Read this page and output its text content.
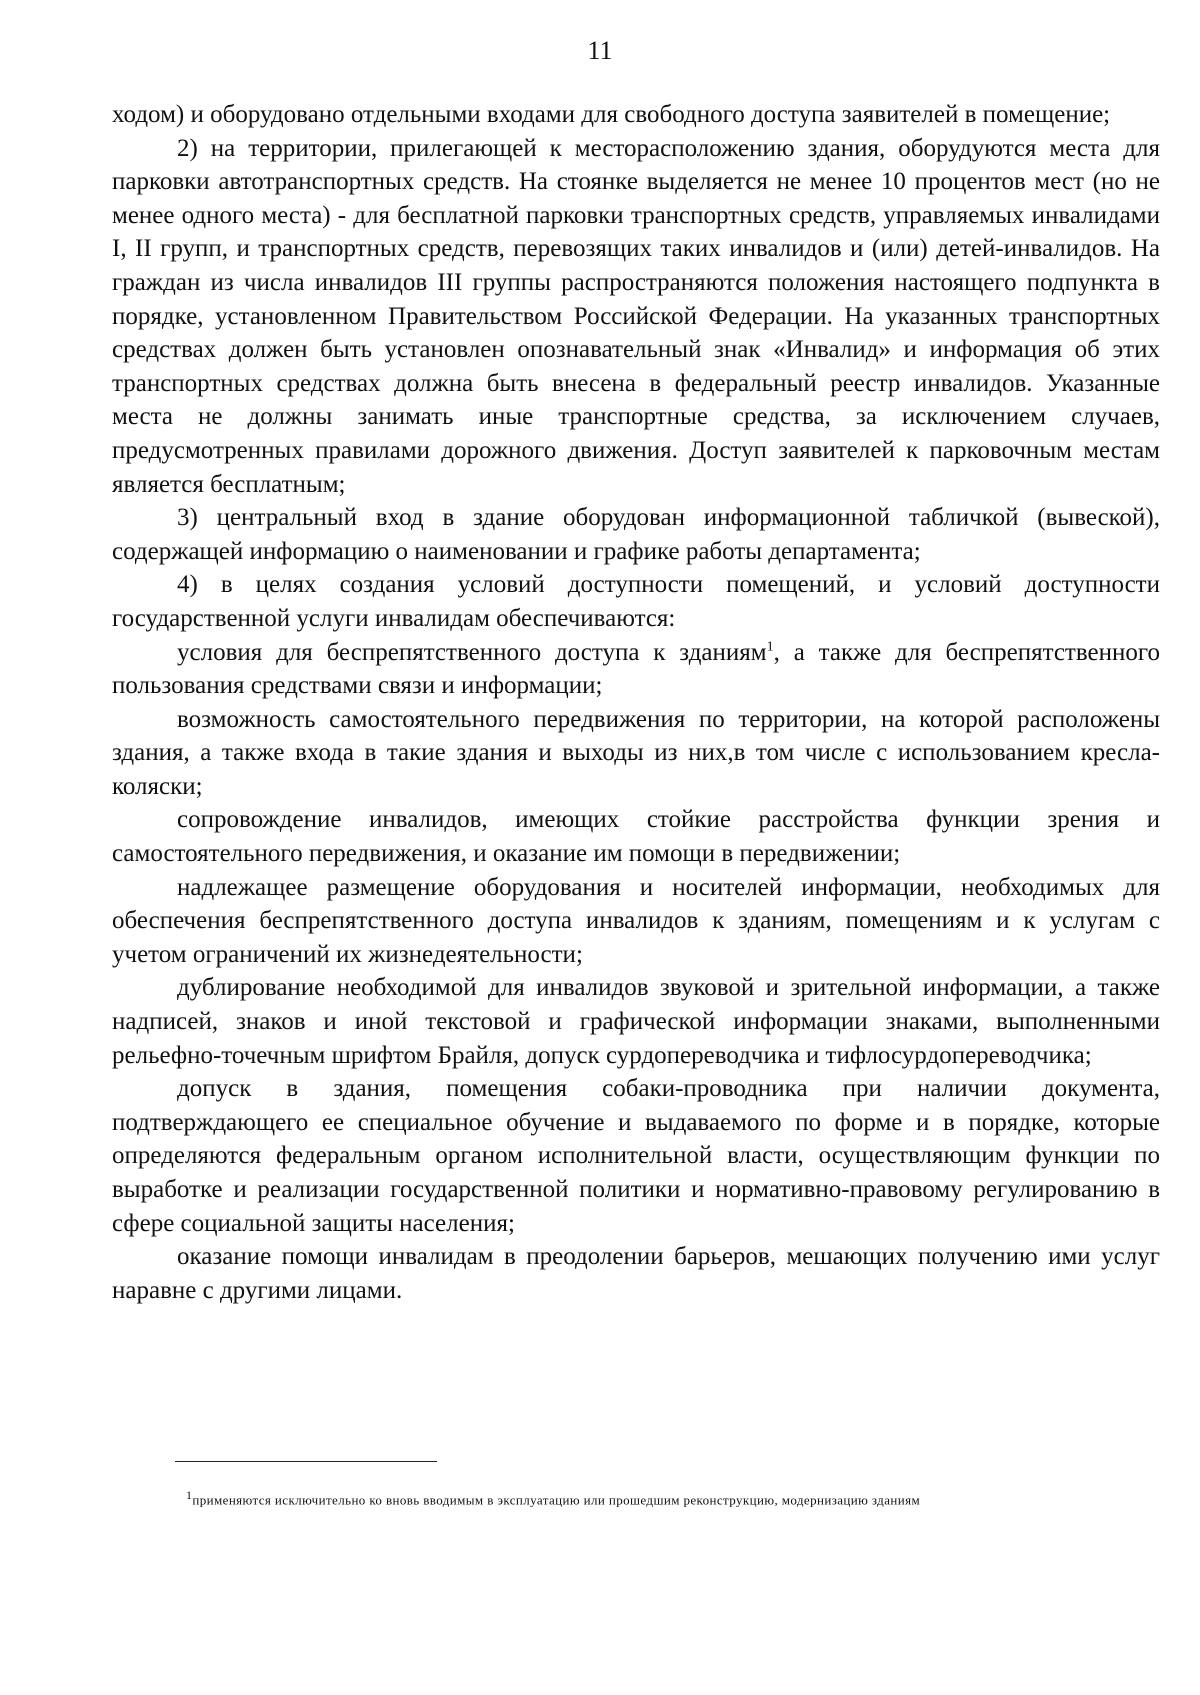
11

ходом) и оборудовано отдельными входами для свободного доступа заявителей в помещение;

2) на территории, прилегающей к месторасположению здания, оборудуются места для парковки автотранспортных средств. На стоянке выделяется не менее 10 процентов мест (но не менее одного места) - для бесплатной парковки транспортных средств, управляемых инвалидами I, II групп, и транспортных средств, перевозящих таких инвалидов и (или) детей-инвалидов. На граждан из числа инвалидов III группы распространяются положения настоящего подпункта в порядке, установленном Правительством Российской Федерации. На указанных транспортных средствах должен быть установлен опознавательный знак «Инвалид» и информация об этих транспортных средствах должна быть внесена в федеральный реестр инвалидов. Указанные места не должны занимать иные транспортные средства, за исключением случаев, предусмотренных правилами дорожного движения. Доступ заявителей к парковочным местам является бесплатным;

3) центральный вход в здание оборудован информационной табличкой (вывеской), содержащей информацию о наименовании и графике работы департамента;

4) в целях создания условий доступности помещений, и условий доступности государственной услуги инвалидам обеспечиваются:

условия для беспрепятственного доступа к зданиям$^1$, а также для беспрепятственного пользования средствами связи и информации;

возможность самостоятельного передвижения по территории, на которой расположены здания, а также входа в такие здания и выходы из них,в том числе с использованием кресла-коляски;

сопровождение инвалидов, имеющих стойкие расстройства функции зрения и самостоятельного передвижения, и оказание им помощи в передвижении;

надлежащее размещение оборудования и носителей информации, необходимых для обеспечения беспрепятственного доступа инвалидов к зданиям, помещениям и к услугам с учетом ограничений их жизнедеятельности;

дублирование необходимой для инвалидов звуковой и зрительной информации, а также надписей, знаков и иной текстовой и графической информации знаками, выполненными рельефно-точечным шрифтом Брайля, допуск сурдопереводчика и тифлосурдопереводчика;

допуск в здания, помещения собаки-проводника при наличии документа, подтверждающего ее специальное обучение и выдаваемого по форме и в порядке, которые определяются федеральным органом исполнительной власти, осуществляющим функции по выработке и реализации государственной политики и нормативно-правовому регулированию в сфере социальной защиты населения;

оказание помощи инвалидам в преодолении барьеров, мешающих получению ими услуг наравне с другими лицами.

1применяются исключительно ко вновь вводимым в эксплуатацию или прошедшим реконструкцию, модернизацию зданиям
